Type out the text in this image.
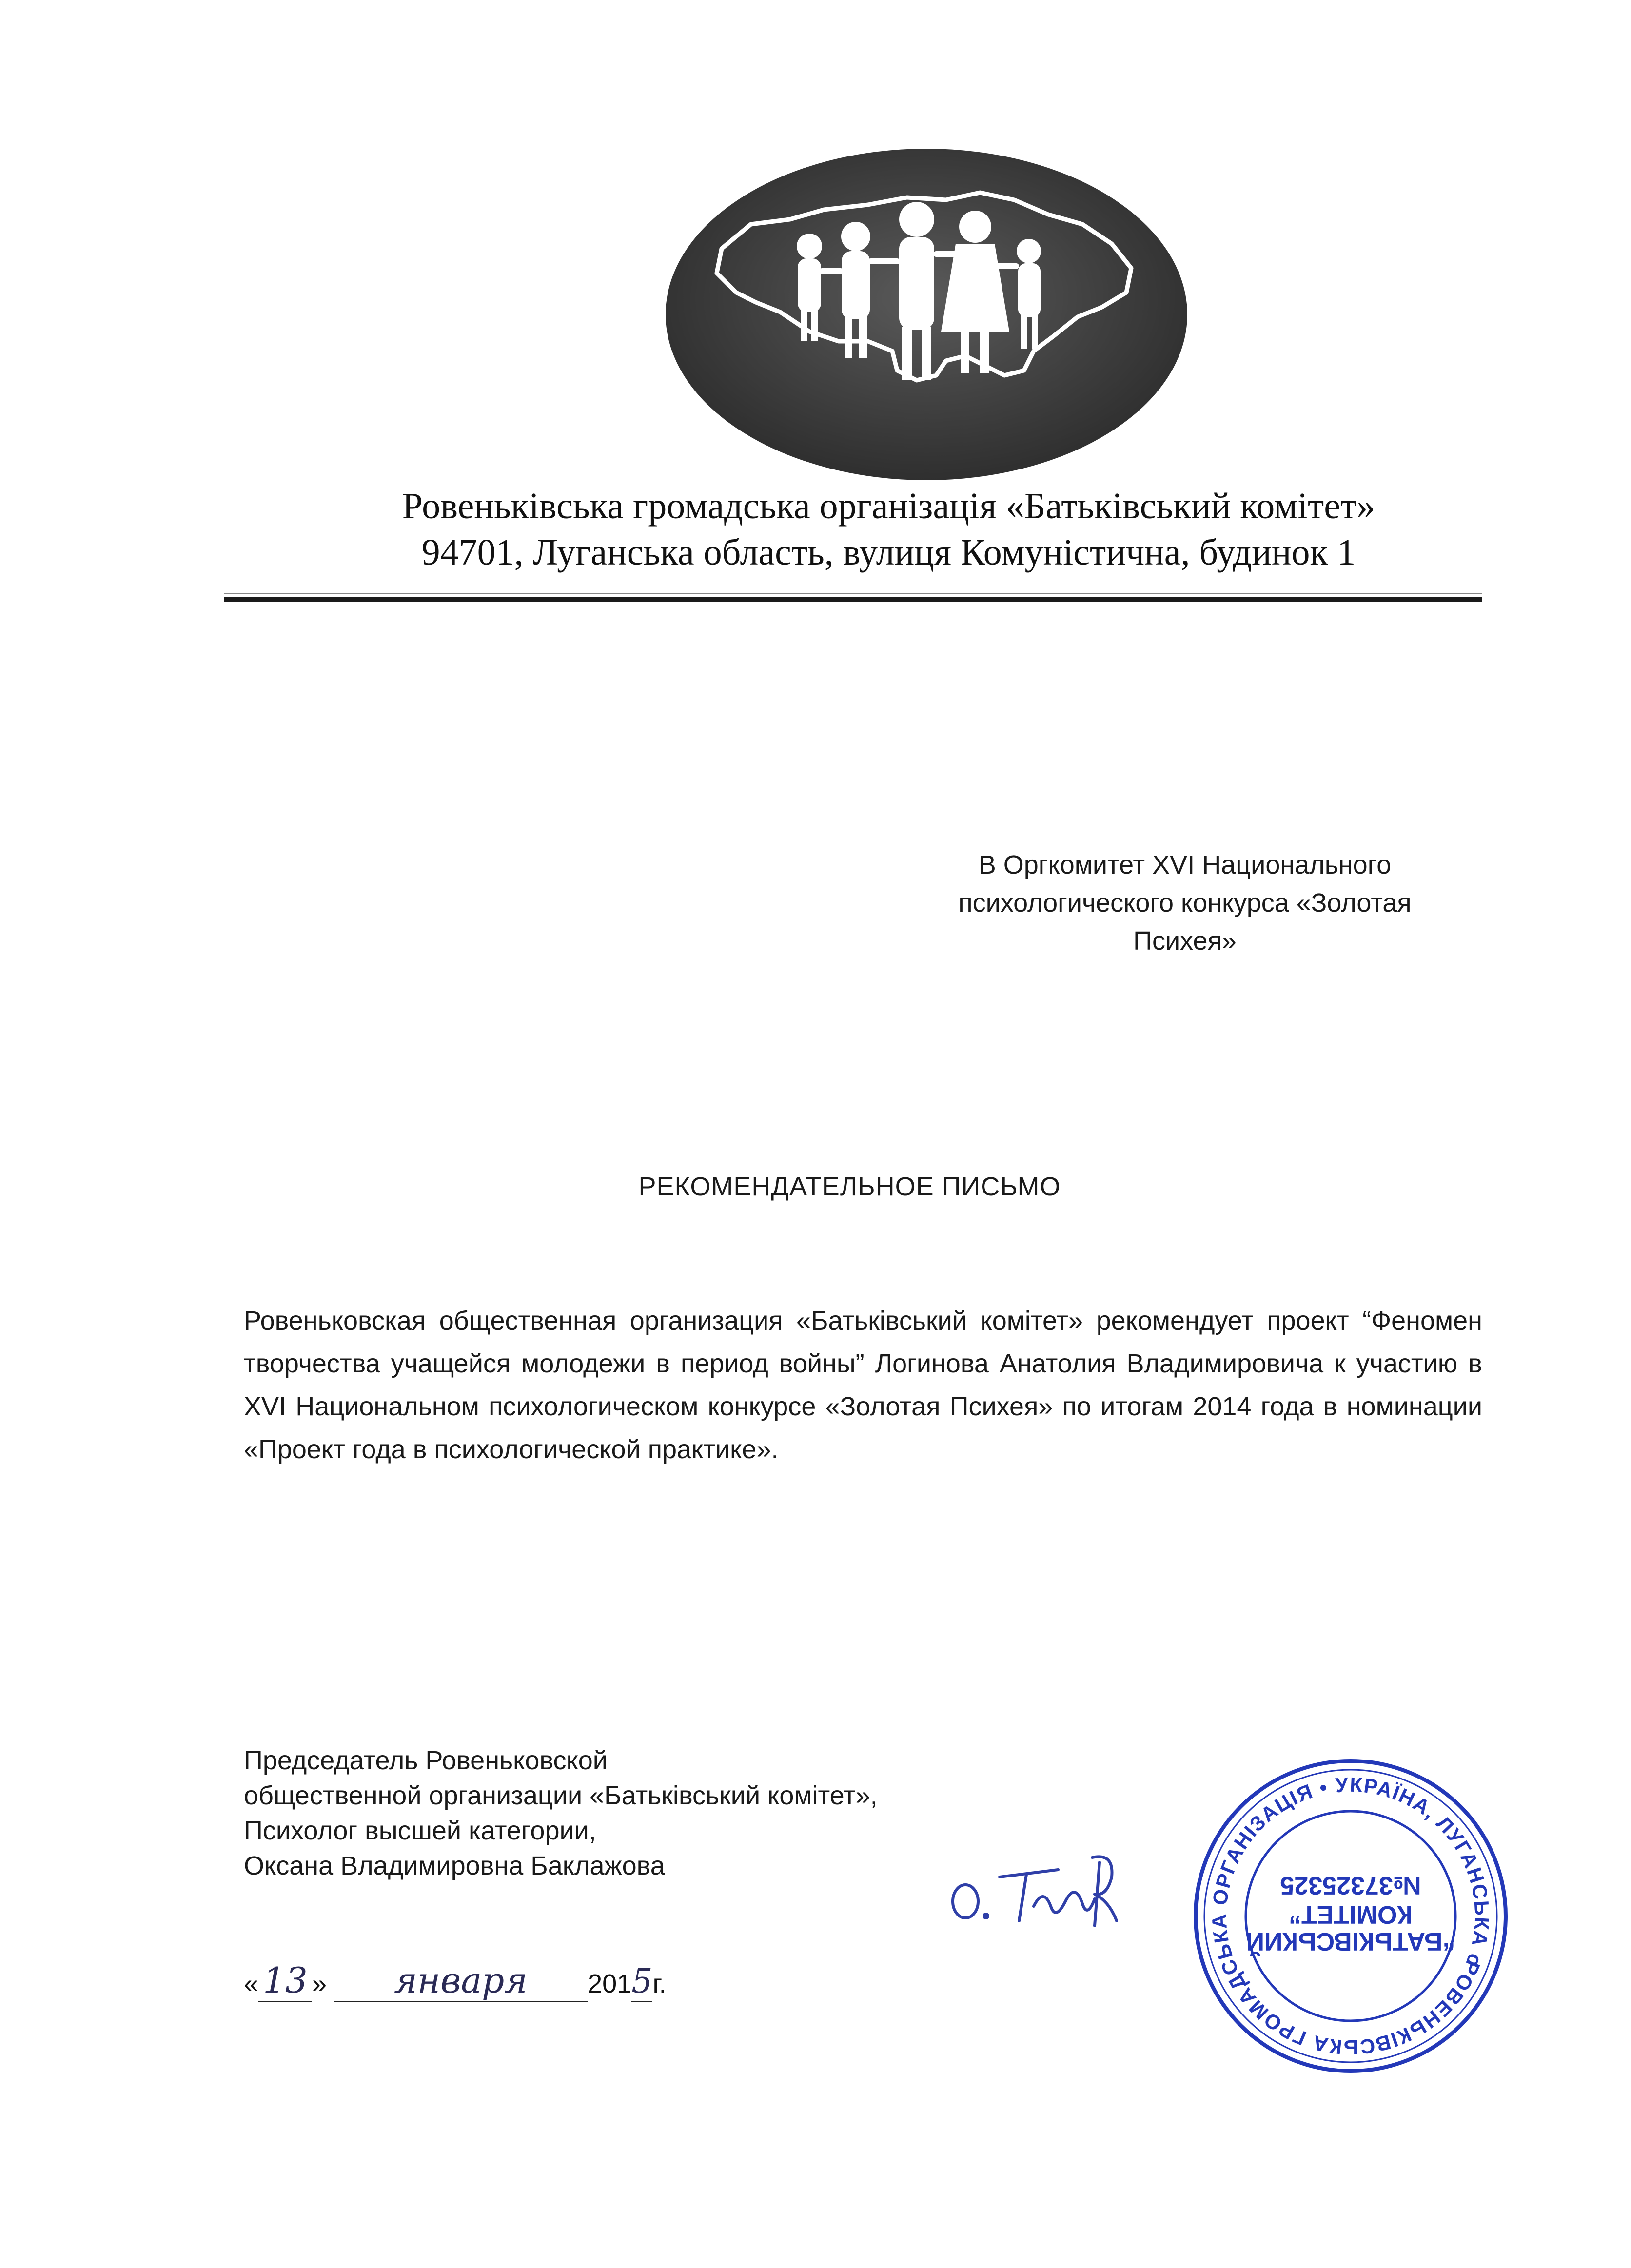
Ровеньківська громадська організація «Батьківський комітет»
94701, Луганська область, вулиця Комуністична, будинок 1
В Оргкомитет XVI Национального
психологического конкурса «Золотая
Психея»
РЕКОМЕНДАТЕЛЬНОЕ ПИСЬМО
Ровеньковская общественная организация «Батьківський комітет» рекомендует проект “Феномен творчества учащейся молодежи в период войны” Логинова Анатолия Владимировича к участию в XVI Национальном психологическом конкурсе «Золотая Психея» по итогам 2014 года в номинации «Проект года в психологической практике».
Председатель Ровеньковской
общественной организации «Батьківський комітет»,
Психолог высшей категории,
Оксана Владимировна Баклажова
« 13 » января 2015г.
РОВЕНЬКІВСЬКА ГРОМАДСЬКА ОРГАНІЗАЦІЯ • УКРАЇНА, ЛУГАНСЬКА обл.
“БАТЬКІВСЬКИЙ
КОМІТЕТ”
№37325325
